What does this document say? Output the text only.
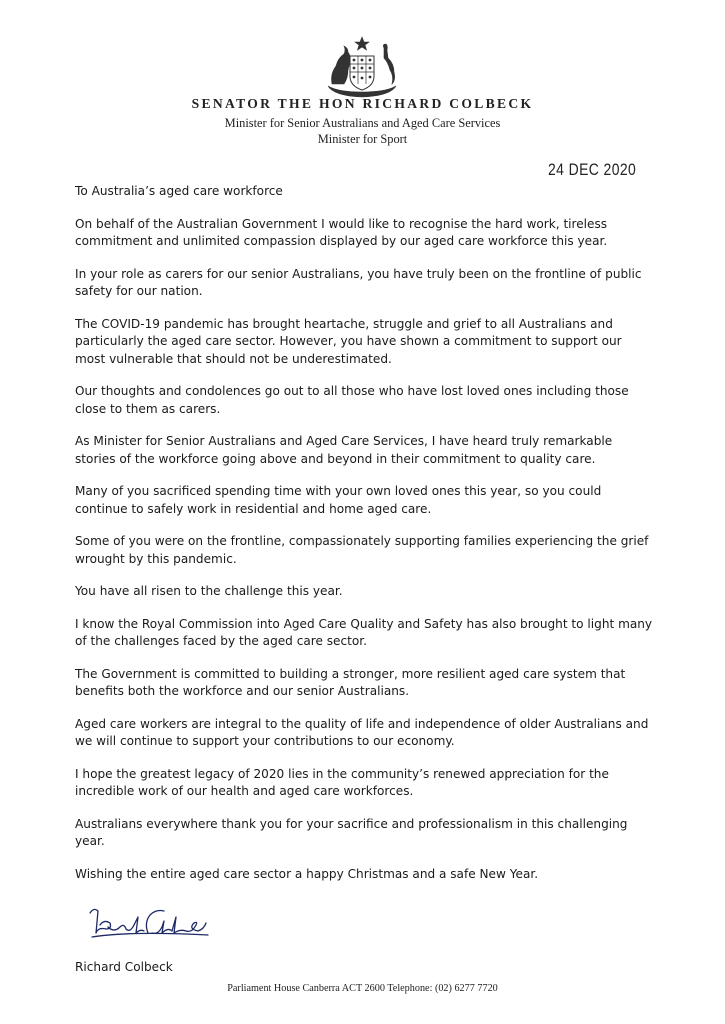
SENATOR THE HON RICHARD COLBECK
Minister for Senior Australians and Aged Care Services
Minister for Sport
24 DEC 2020

To Australia’s aged care workforce

On behalf of the Australian Government I would like to recognise the hard work, tireless commitment and unlimited compassion displayed by our aged care workforce this year.

In your role as carers for our senior Australians, you have truly been on the frontline of public safety for our nation.

The COVID-19 pandemic has brought heartache, struggle and grief to all Australians and particularly the aged care sector. However, you have shown a commitment to support our most vulnerable that should not be underestimated.

Our thoughts and condolences go out to all those who have lost loved ones including those close to them as carers.

As Minister for Senior Australians and Aged Care Services, I have heard truly remarkable stories of the workforce going above and beyond in their commitment to quality care.

Many of you sacrificed spending time with your own loved ones this year, so you could continue to safely work in residential and home aged care.

Some of you were on the frontline, compassionately supporting families experiencing the grief wrought by this pandemic.

You have all risen to the challenge this year.

I know the Royal Commission into Aged Care Quality and Safety has also brought to light many of the challenges faced by the aged care sector.

The Government is committed to building a stronger, more resilient aged care system that benefits both the workforce and our senior Australians.

Aged care workers are integral to the quality of life and independence of older Australians and we will continue to support your contributions to our economy.

I hope the greatest legacy of 2020 lies in the community’s renewed appreciation for the incredible work of our health and aged care workforces.

Australians everywhere thank you for your sacrifice and professionalism in this challenging year.

Wishing the entire aged care sector a happy Christmas and a safe New Year.

Richard Colbeck
Parliament House Canberra ACT 2600 Telephone: (02) 6277 7720
